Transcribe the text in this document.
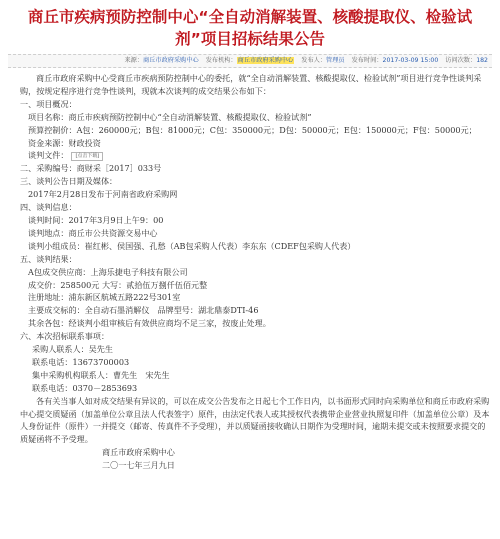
商丘市疾病预防控制中心“全自动消解装置、核酸提取仪、检验试剂”项目招标结果公告
来源：商丘市政府采购中心 发布机构：商丘市政府采购中心 发布人：管理员 发布时间：2017-03-09 15:00 访问次数：182

商丘市政府采购中心受商丘市疾病预防控制中心的委托，就“全自动消解装置、核酸提取仪、检验试剂”项目进行竞争性谈判采购，按规定程序进行竞争性谈判，现就本次谈判的成交结果公布如下：

一、项目概况：

项目名称：商丘市疾病预防控制中心“全自动消解装置、核酸提取仪、检验试剂”

预算控制价：A包：260000元；B包：81000元；C包：350000元；D包：50000元；E包：150000元；F包：50000元；

资金来源：财政投资

谈判文件： [点击下载]

二、采购编号：商财采［2017］033号

三、谈判公告日期及媒体：

2017年2月28日发布于河南省政府采购网

四、谈判信息：

谈判时间：2017年3月9日上午9：00

谈判地点：商丘市公共资源交易中心

谈判小组成员：崔红彬、侯国强、孔愁（AB包采购人代表）李东东（CDEF包采购人代表）

五、谈判结果：

A包成交供应商：上海乐捷电子科技有限公司

成交价：258500元 大写：贰拾伍万捌仟伍佰元整

注册地址：浦东新区航城五路222号301室

主要成交标的：全自动石墨消解仪　品牌型号：湖北鼎泰DTI-46

其余各包：经谈判小组审核后有效供应商均不足三家，按废止处理。

六、本次招标联系事项：

采购人联系人：吴先生

联系电话：13673700003

集中采购机构联系人：曹先生　宋先生

联系电话：0370－2853693

各有关当事人如对成交结果有异议的，可以在成交公告发布之日起七个工作日内，以书面形式同时向采购单位和商丘市政府采购中心提交质疑函（加盖单位公章且法人代表签字）原件，由法定代表人或其授权代表携带企业营业执照复印件（加盖单位公章）及本人身份证件（原件）一并提交（邮寄、传真件不予受理），并以质疑函接收确认日期作为受理时间，逾期未提交或未按照要求提交的质疑函将不予受理。

商丘市政府采购中心

二〇一七年三月九日
